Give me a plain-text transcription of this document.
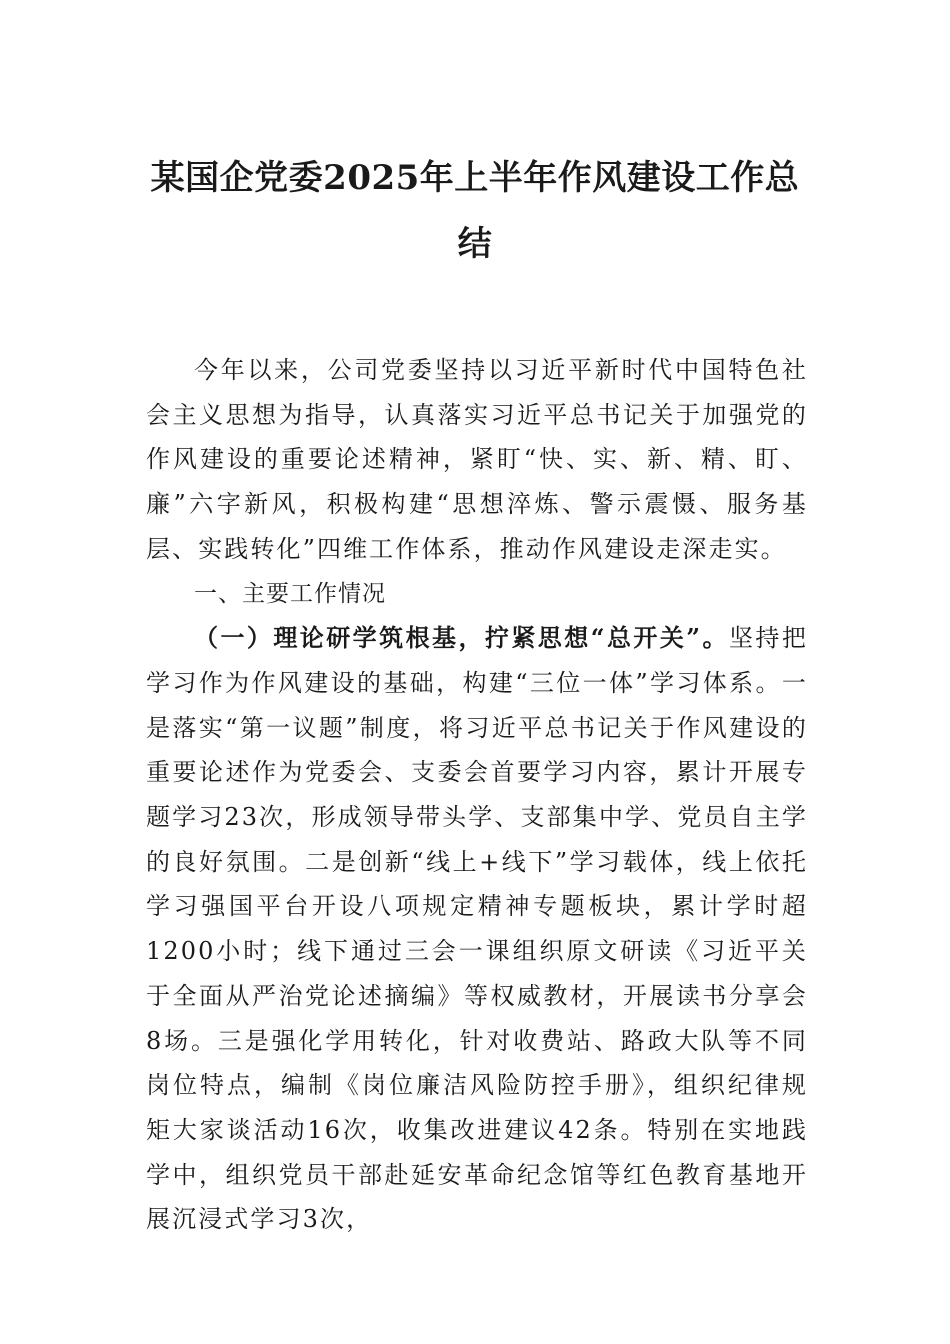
某国企党委2025年上半年作风建设工作总结

今年以来，公司党委坚持以习近平新时代中国特色社会主义思想为指导，认真落实习近平总书记关于加强党的作风建设的重要论述精神，紧盯“快、实、新、精、盯、廉”六字新风，积极构建“思想淬炼、警示震慑、服务基层、实践转化”四维工作体系，推动作风建设走深走实。

一、主要工作情况

（一）理论研学筑根基，拧紧思想“总开关”。坚持把学习作为作风建设的基础，构建“三位一体”学习体系。一是落实“第一议题”制度，将习近平总书记关于作风建设的重要论述作为党委会、支委会首要学习内容，累计开展专题学习23次，形成领导带头学、支部集中学、党员自主学的良好氛围。二是创新“线上+线下”学习载体，线上依托学习强国平台开设八项规定精神专题板块，累计学时超1200小时；线下通过三会一课组织原文研读《习近平关于全面从严治党论述摘编》等权威教材，开展读书分享会8场。三是强化学用转化，针对收费站、路政大队等不同岗位特点，编制《岗位廉洁风险防控手册》，组织纪律规矩大家谈活动16次，收集改进建议42条。特别在实地践学中，组织党员干部赴延安革命纪念馆等红色教育基地开展沉浸式学习3次，
